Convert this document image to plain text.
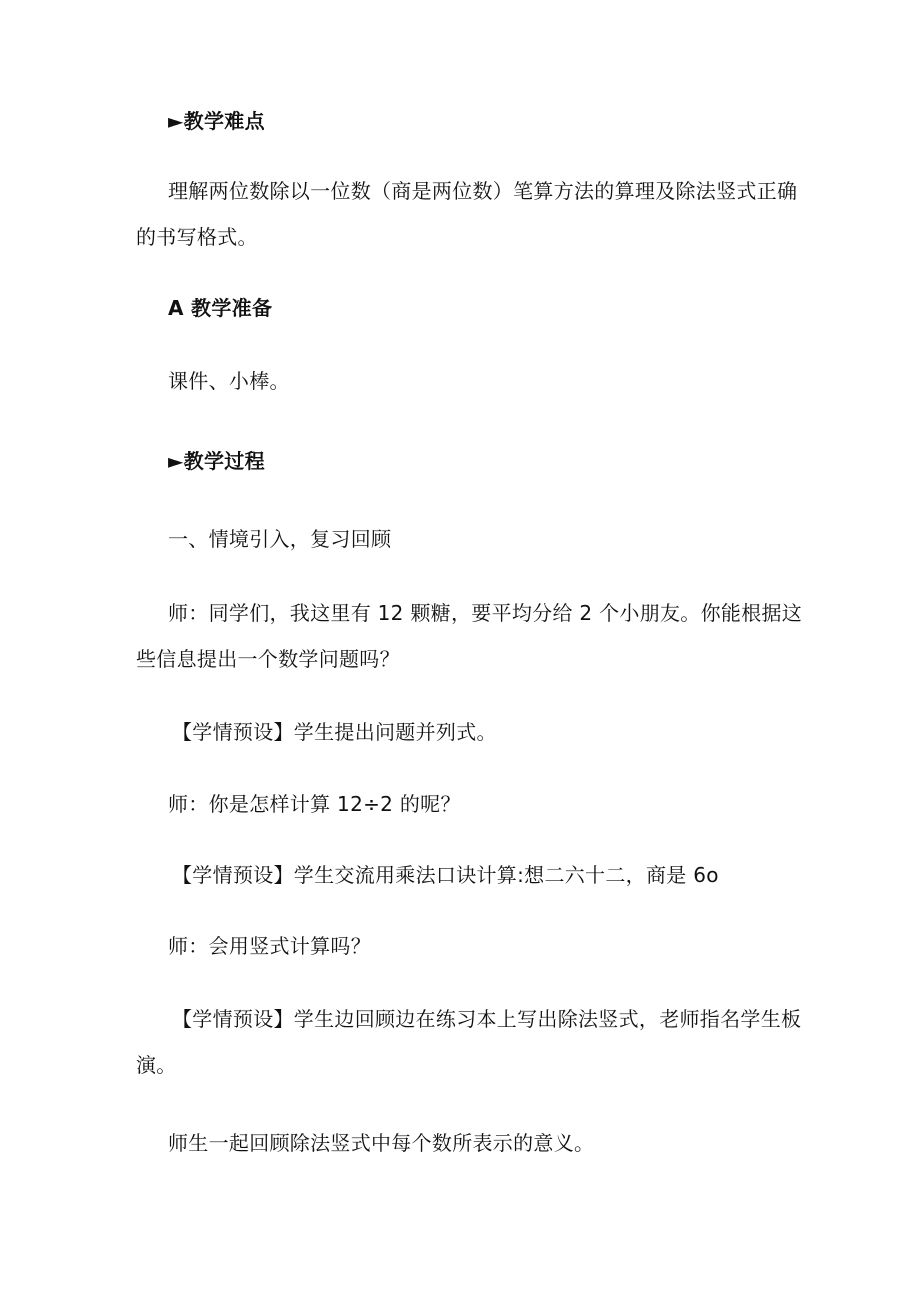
►教学难点
理解两位数除以一位数（商是两位数）笔算方法的算理及除法竖式正确
的书写格式。
A 教学准备
课件、小棒。
►教学过程
一、情境引入，复习回顾
师：同学们，我这里有 12 颗糖，要平均分给 2 个小朋友。你能根据这
些信息提出一个数学问题吗？
【学情预设】学生提出问题并列式。
师：你是怎样计算 12÷2 的呢？
【学情预设】学生交流用乘法口诀计算:想二六十二，商是 6o
师：会用竖式计算吗？
【学情预设】学生边回顾边在练习本上写出除法竖式，老师指名学生板
演。
师生一起回顾除法竖式中每个数所表示的意义。
